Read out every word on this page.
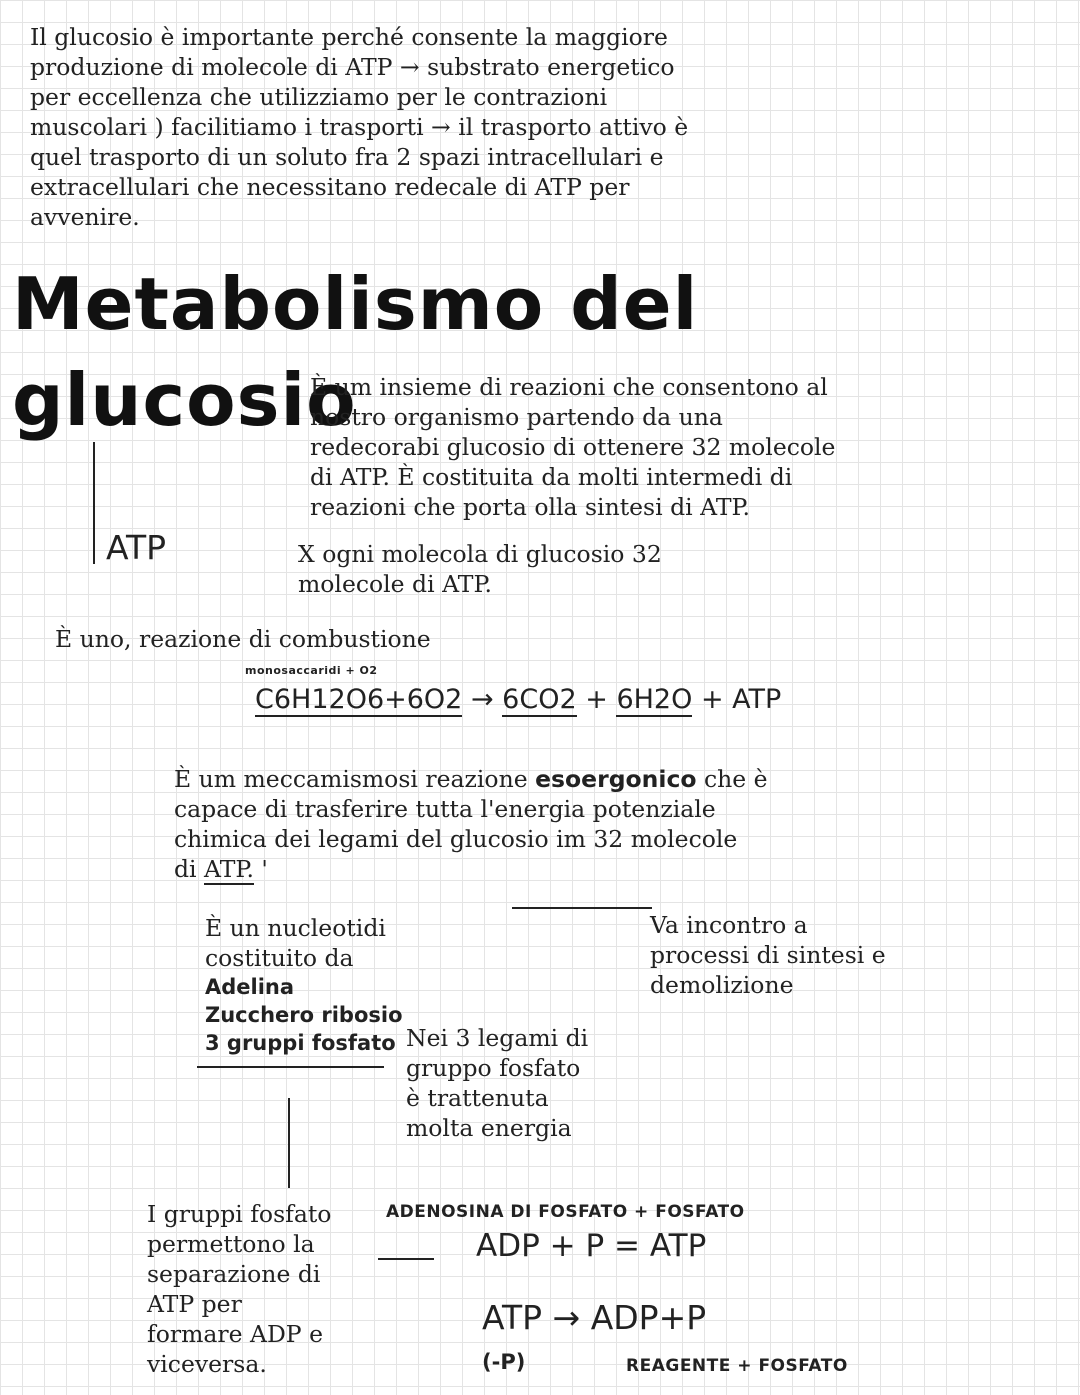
Il glucosio è importante perché consente la maggiore

produzione di molecole di ATP → substrato energetico

per eccellenza che utilizziamo per le contrazioni

muscolari ) facilitiamo i trasporti → il trasporto attivo è

quel trasporto di un soluto fra 2 spazi intracellulari e

extracellulari che necessitano redecale di ATP per

avvenire.

Metabolismo del
glucosio

È um insieme di reazioni che consentono al

nostro organismo partendo da una

redecorabi glucosio di ottenere 32 molecole

di ATP. È costituita da molti intermedi di

reazioni che porta olla sintesi di ATP.

ATP	X ogni molecola di glucosio 32

molecole di ATP.

È uno, reazione di combustione
monosaccaridi + O2
C6H12O6+6O2 → 6CO2 + 6H2O + ATP

È um meccamismosi reazione esoergonico che è

capace di trasferire tutta l'energia potenziale

chimica dei legami del glucosio im 32 molecole

di ATP. '

È un nucleotidi

costituito da

Adelina

Zucchero ribosio

3 gruppi fosfato

Va incontro a

processi di sintesi e

demolizione

Nei 3 legami di

gruppo fosfato

è trattenuta

molta energia

I gruppi fosfato

permettono la

separazione di

ATP per

formare ADP e

viceversa.

ADENOSINA DI FOSFATO + FOSFATO
ADP + P = ATP
ATP → ADP+P
(-P)	REAGENTE + FOSFATO
